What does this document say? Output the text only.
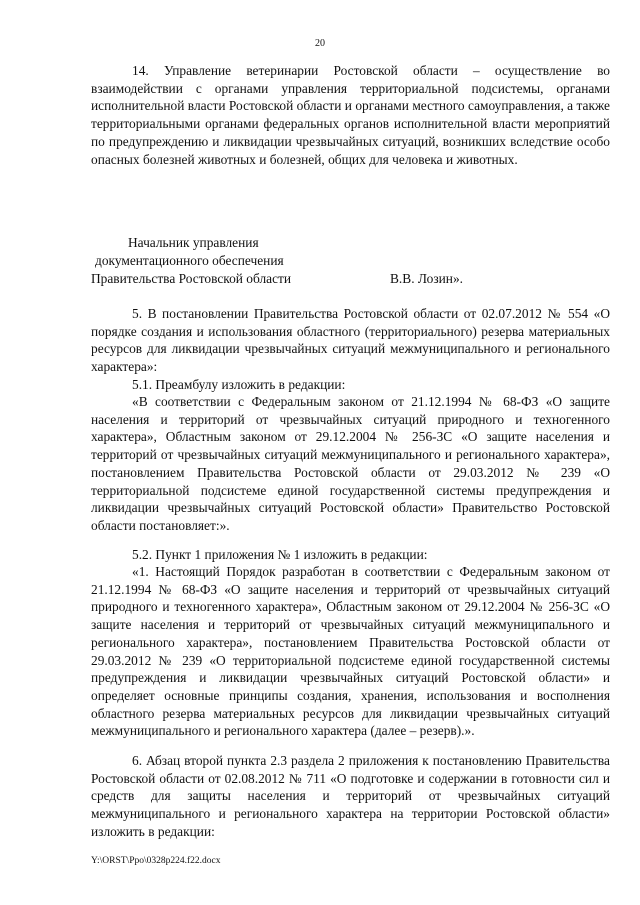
20

14. Управление ветеринарии Ростовской области – осуществление во взаимодействии с органами управления территориальной подсистемы, органами исполнительной власти Ростовской области и органами местного самоуправления, а также территориальными органами федеральных органов исполнительной власти мероприятий по предупреждению и ликвидации чрезвычайных ситуаций, возникших вследствие особо опасных болезней животных и болезней, общих для человека и животных.

Начальник управления
документационного обеспечения
Правительства Ростовской области	В.В. Лозин».

5. В постановлении Правительства Ростовской области от 02.07.2012 № 554 «О порядке создания и использования областного (территориального) резерва материальных ресурсов для ликвидации чрезвычайных ситуаций межмуниципального и регионального характера»:

5.1. Преамбулу изложить в редакции:

«В соответствии с Федеральным законом от 21.12.1994 № 68-ФЗ «О защите населения и территорий от чрезвычайных ситуаций природного и техногенного характера», Областным законом от 29.12.2004 № 256-ЗС «О защите населения и территорий от чрезвычайных ситуаций межмуниципального и регионального характера», постановлением Правительства Ростовской области от 29.03.2012 № 239 «О территориальной подсистеме единой государственной системы предупреждения и ликвидации чрезвычайных ситуаций Ростовской области» Правительство Ростовской области постановляет:».

5.2. Пункт 1 приложения № 1 изложить в редакции:

«1. Настоящий Порядок разработан в соответствии с Федеральным законом от 21.12.1994 № 68-ФЗ «О защите населения и территорий от чрезвычайных ситуаций природного и техногенного характера», Областным законом от 29.12.2004 № 256-ЗС «О защите населения и территорий от чрезвычайных ситуаций межмуниципального и регионального характера», постановлением Правительства Ростовской области от 29.03.2012 № 239 «О территориальной подсистеме единой государственной системы предупреждения и ликвидации чрезвычайных ситуаций Ростовской области» и определяет основные принципы создания, хранения, использования и восполнения областного резерва материальных ресурсов для ликвидации чрезвычайных ситуаций межмуниципального и регионального характера (далее – резерв).».

6. Абзац второй пункта 2.3 раздела 2 приложения к постановлению Правительства Ростовской области от 02.08.2012 № 711 «О подготовке и содержании в готовности сил и средств для защиты населения и территорий от чрезвычайных ситуаций межмуниципального и регионального характера на территории Ростовской области» изложить в редакции:

Y:\ORST\Ppo\0328p224.f22.docx
